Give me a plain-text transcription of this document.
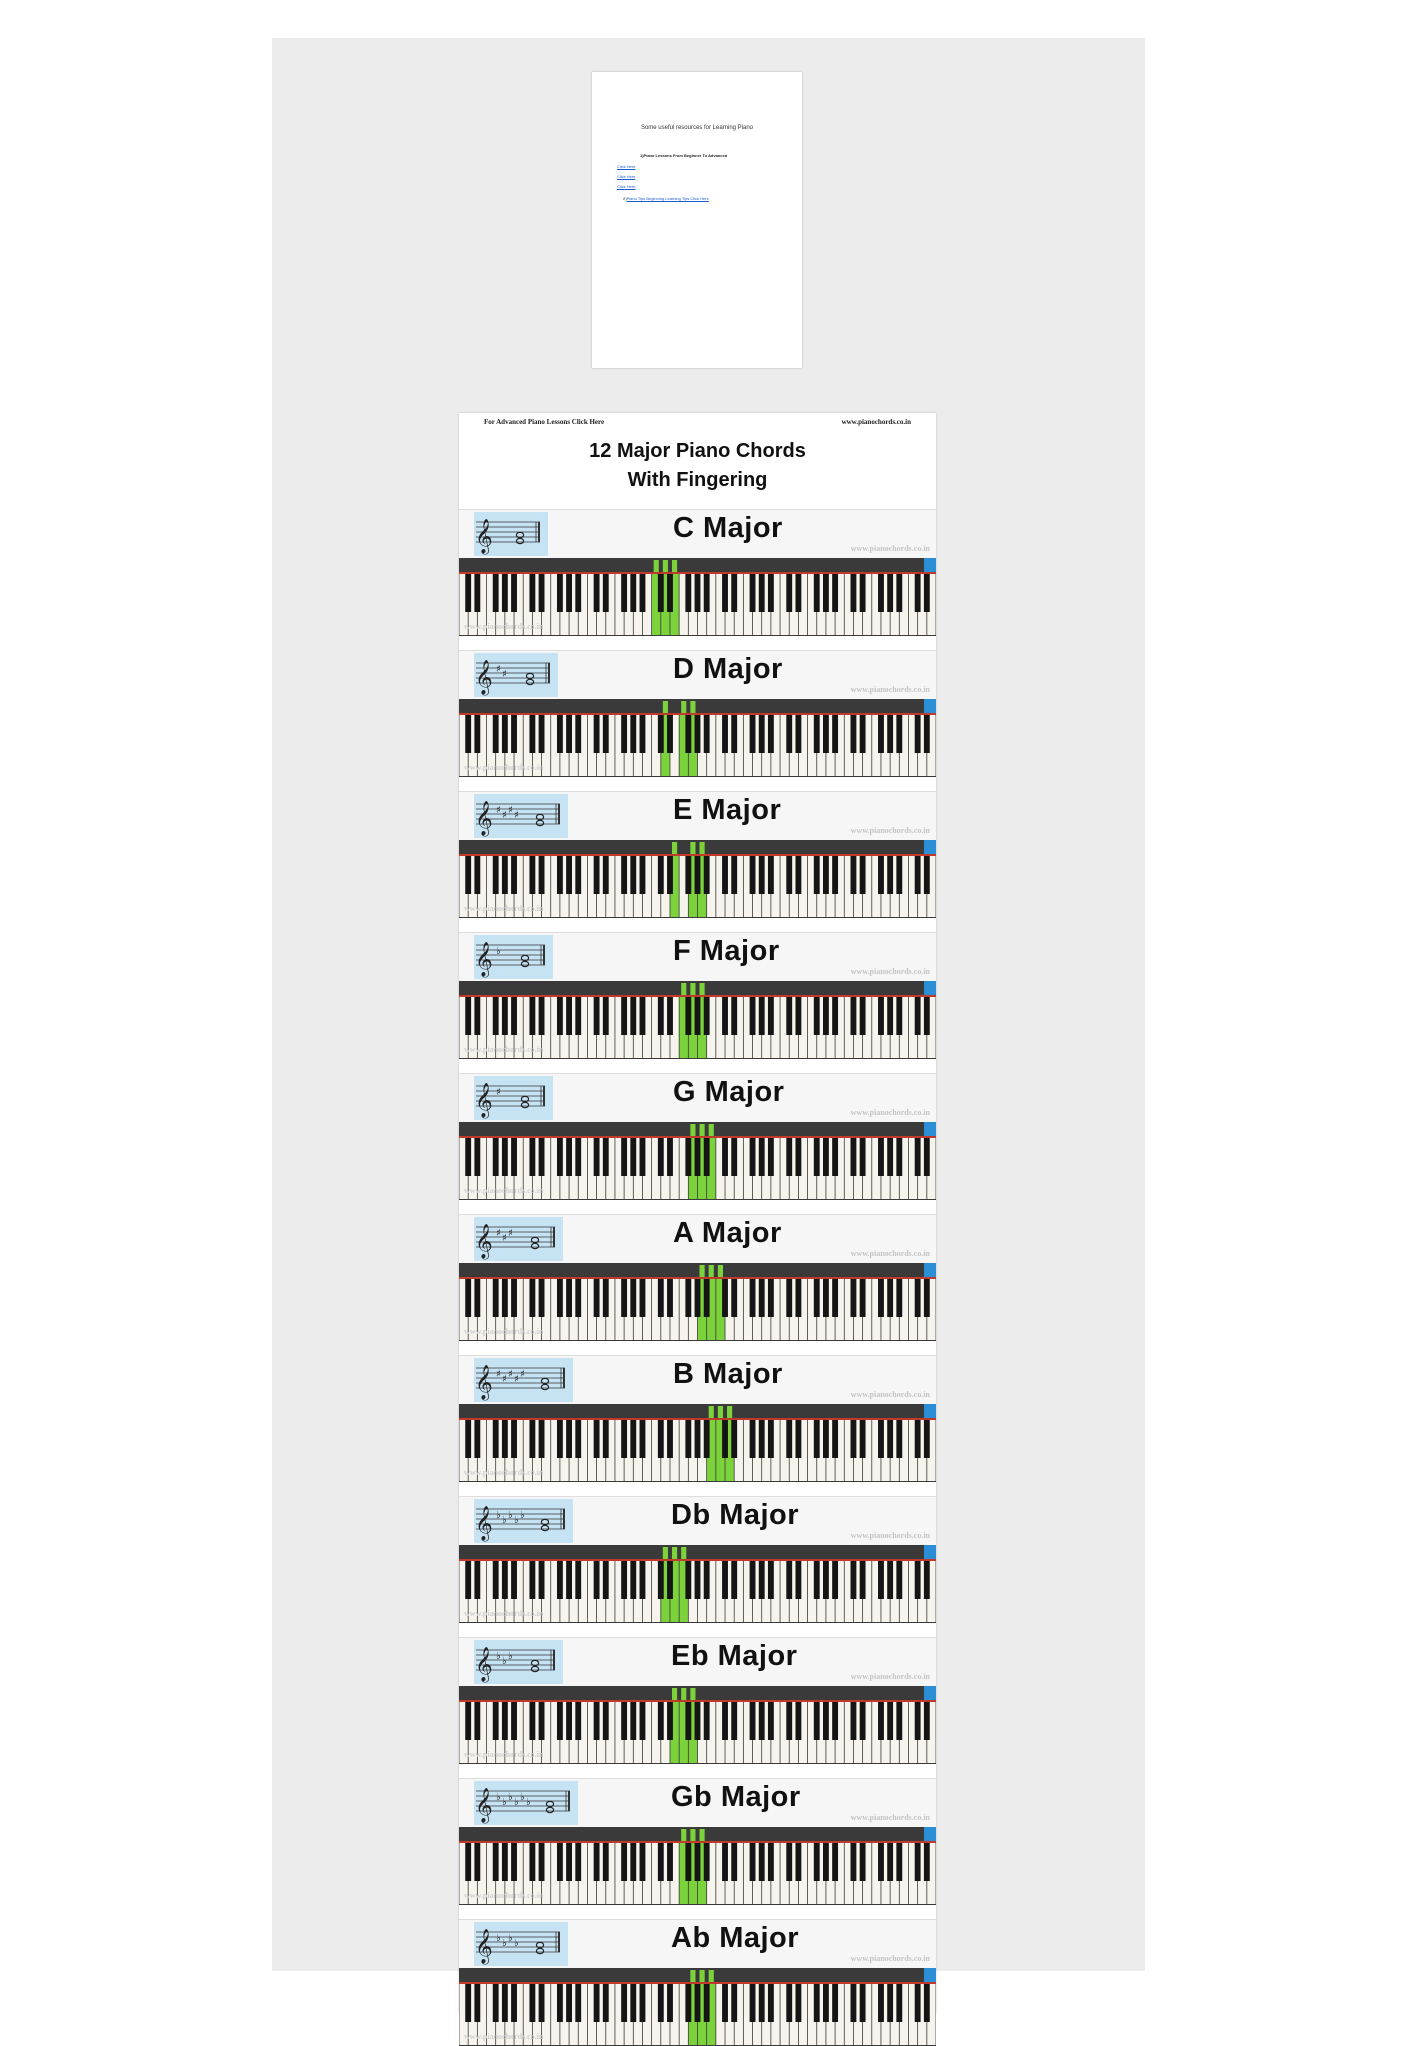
Some useful resources for Learning Piano
1)Piano Lessons From Beginner To Advanced
Click Here
Click Here
Click Here
2)Piano Tips Beginning Learning Tips Click Here
For Advanced Piano Lessons Click Here	www.pianochords.co.in
12 Major Piano Chords
With Fingering
𝄞	C Major
www.pianochords.co.in
www.pianochords.co.in
𝄞 ♯ ♯	D Major
www.pianochords.co.in
www.pianochords.co.in
𝄞 ♯ ♯ ♯ ♯	E Major
www.pianochords.co.in
www.pianochords.co.in
𝄞 ♭	F Major
www.pianochords.co.in
www.pianochords.co.in
𝄞 ♯	G Major
www.pianochords.co.in
www.pianochords.co.in
𝄞 ♯ ♯ ♯	A Major
www.pianochords.co.in
www.pianochords.co.in
𝄞 ♯ ♯ ♯ ♯ ♯	B Major
www.pianochords.co.in
www.pianochords.co.in
𝄞 ♭ ♭ ♭ ♭ ♭	Db Major
www.pianochords.co.in
www.pianochords.co.in
𝄞 ♭ ♭ ♭	Eb Major
www.pianochords.co.in
www.pianochords.co.in
𝄞 ♭ ♭ ♭ ♭ ♭ ♭	Gb Major
www.pianochords.co.in
www.pianochords.co.in
𝄞 ♭ ♭ ♭ ♭	Ab Major
www.pianochords.co.in
www.pianochords.co.in
